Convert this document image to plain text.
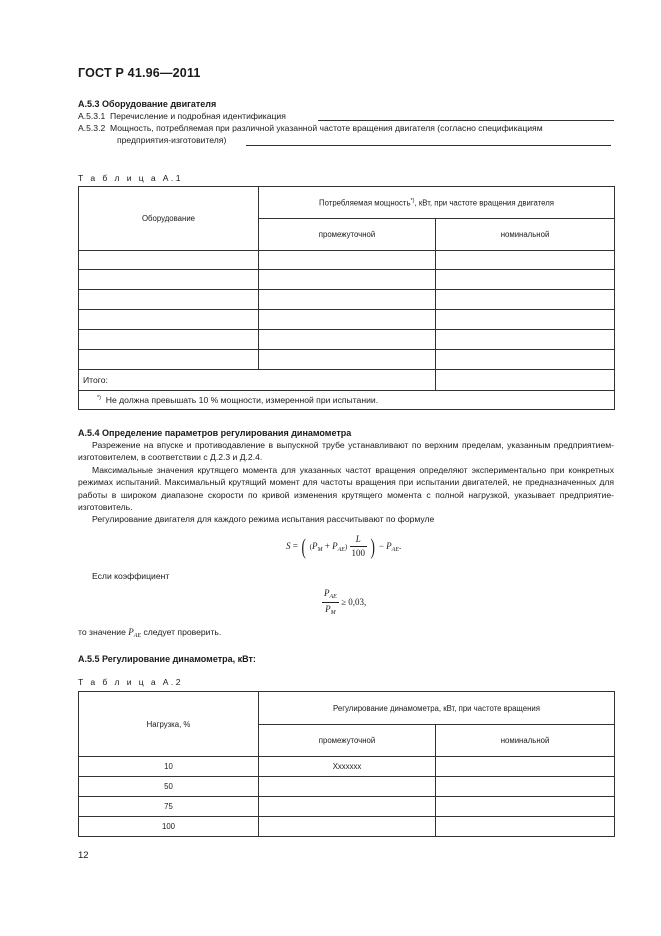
ГОСТ Р 41.96—2011
А.5.3 Оборудование двигателя
А.5.3.1 Перечисление и подробная идентификация
А.5.3.2 Мощность, потребляемая при различной указанной частоте вращения двигателя (согласно спецификациям
предприятия-изготовителя)
Т а б л и ц а А.1
Оборудование	Потребляемая мощность*), кВт, при частоте вращения двигателя	
	промежуточной	номинальной

Итого:		
*) Не должна превышать 10 % мощности, измеренной при испытании.		
А.5.4 Определение параметров регулирования динамометра
Разрежение на впуске и противодавление в выпускной трубе устанавливают по верхним пределам, указанным предприятием-изготовителем, в соответствии с Д.2.3 и Д.2.4.
Максимальные значения крутящего момента для указанных частот вращения определяют экспериментально при конкретных режимах испытаний. Максимальный крутящий момент для частоты вращения при испытании двигателей, не предназначенных для работы в широком диапазоне скорости по кривой изменения крутящего момента с полной нагрузкой, указывает предприятие-изготовитель.
Регулирование двигателя для каждого режима испытания рассчитывают по формуле
S = ( $(P_M + P_{AE}) \frac{L}{100}$ ) − $P_{AE}$.
Если коэффициент
$\frac{P_{AE}}{P_M} \ge 0,03$,
то значение $P_{AE}$ следует проверить.
А.5.5 Регулирование динамометра, кВт:
Т а б л и ц а А.2
Нагрузка, %	Регулирование динамометра, кВт, при частоте вращения	
	промежуточной	номинальной
10	Ххххххх	
50		
75		
100		
12
